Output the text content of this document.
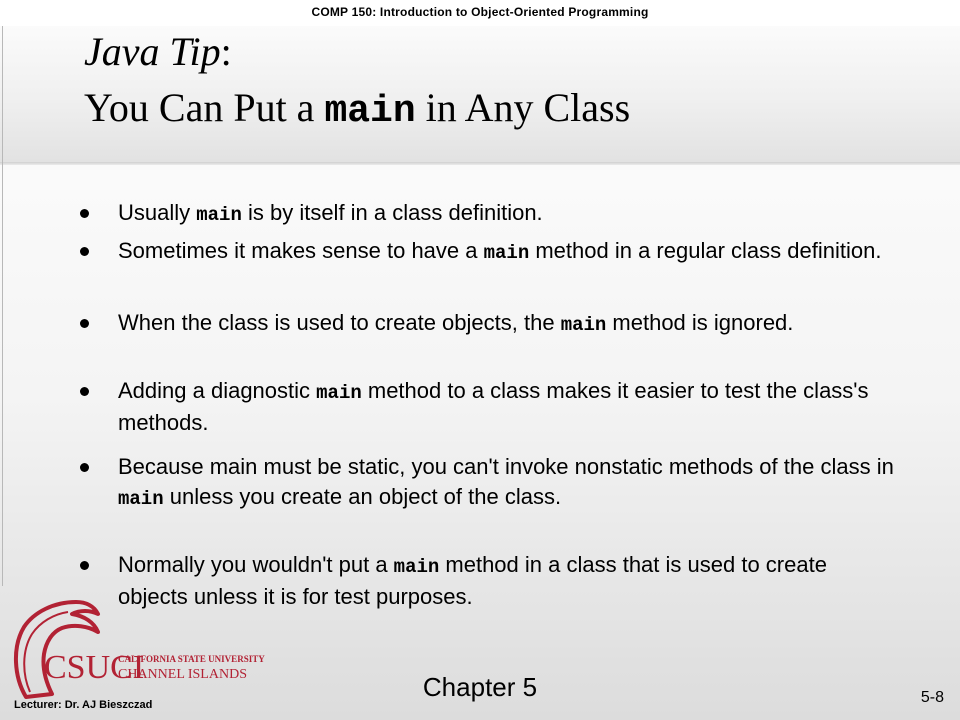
COMP 150: Introduction to Object-Oriented Programming
Java Tip:
You Can Put a main in Any Class
Usually main is by itself in a class definition.
Sometimes it makes sense to have a main method in a regular class definition.
When the class is used to create objects, the main method is ignored.
Adding a diagnostic main method to a class makes it easier to test the class's methods.
Because main must be static, you can't invoke nonstatic methods of the class in main unless you create an object of the class.
Normally you wouldn't put a main method in a class that is used to create objects unless it is for test purposes.
CSUCI
CALIFORNIA STATE UNIVERSITY
CHANNEL ISLANDS
Lecturer: Dr. AJ Bieszczad
Chapter 5	5-8
